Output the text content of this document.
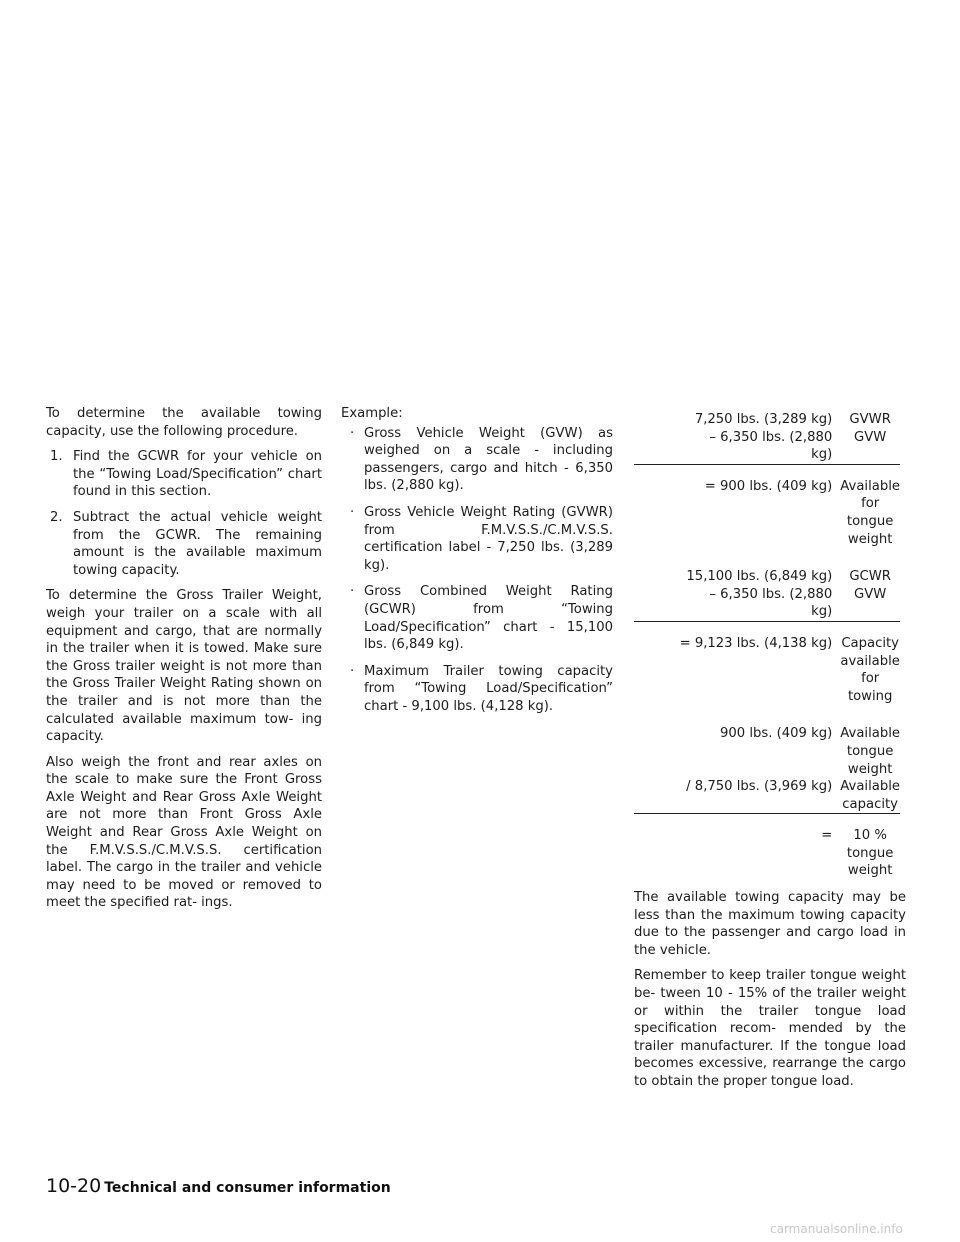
To determine the available towing capacity, use the following procedure.

1. Find the GCWR for your vehicle on the “Towing Load/Specification” chart found in this section.
2. Subtract the actual vehicle weight from the GCWR. The remaining amount is the available maximum towing capacity.

To determine the Gross Trailer Weight, weigh your trailer on a scale with all equipment and cargo, that are normally in the trailer when it is towed. Make sure the Gross trailer weight is not more than the Gross Trailer Weight Rating shown on the trailer and is not more than the calculated available maximum tow- ing capacity.

Also weigh the front and rear axles on the scale to make sure the Front Gross Axle Weight and Rear Gross Axle Weight are not more than Front Gross Axle Weight and Rear Gross Axle Weight on the F.M.V.S.S./C.M.V.S.S. certification label. The cargo in the trailer and vehicle may need to be moved or removed to meet the specified rat- ings.

Example:

· Gross Vehicle Weight (GVW) as weighed on a scale - including passengers, cargo and hitch - 6,350 lbs. (2,880 kg).
· Gross Vehicle Weight Rating (GVWR) from F.M.V.S.S./C.M.V.S.S. certification label - 7,250 lbs. (3,289 kg).
· Gross Combined Weight Rating (GCWR) from “Towing Load/Specification” chart - 15,100 lbs. (6,849 kg).
· Maximum Trailer towing capacity from “Towing Load/Specification” chart - 9,100 lbs. (4,128 kg).
7,250 lbs. (3,289 kg)	GVWR
– 6,350 lbs. (2,880 kg)	GVW
= 900 lbs. (409 kg)	Available for tongue weight
15,100 lbs. (6,849 kg)	GCWR
– 6,350 lbs. (2,880 kg)	GVW
= 9,123 lbs. (4,138 kg)	Capacity available for towing
900 lbs. (409 kg)	Available tongue weight
/ 8,750 lbs. (3,969 kg)	Available capacity
=	10 % tongue weight

The available towing capacity may be less than the maximum towing capacity due to the passenger and cargo load in the vehicle.

Remember to keep trailer tongue weight be- tween 10 - 15% of the trailer weight or within the trailer tongue load specification recom- mended by the trailer manufacturer. If the tongue load becomes excessive, rearrange the cargo to obtain the proper tongue load.

10-20 Technical and consumer information
carmanualsonline.info
